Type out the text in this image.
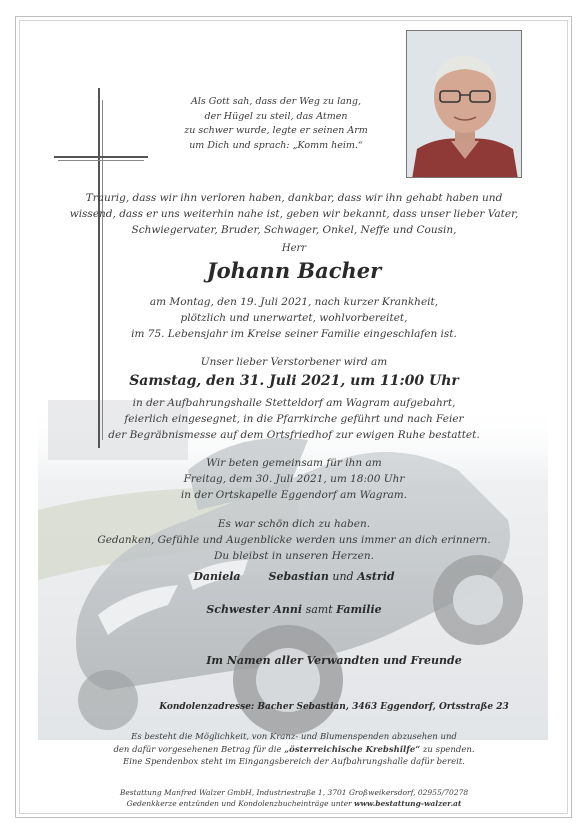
Als Gott sah, dass der Weg zu lang,
der Hügel zu steil, das Atmen
zu schwer wurde, legte er seinen Arm
um Dich und sprach: „Komm heim.“
Traurig, dass wir ihn verloren haben, dankbar, dass wir ihn gehabt haben und
wissend, dass er uns weiterhin nahe ist, geben wir bekannt, dass unser lieber Vater,
Schwiegervater, Bruder, Schwager, Onkel, Neffe und Cousin,
Herr
Johann Bacher
am Montag, den 19. Juli 2021, nach kurzer Krankheit,
plötzlich und unerwartet, wohlvorbereitet,
im 75. Lebensjahr im Kreise seiner Familie eingeschlafen ist.
Unser lieber Verstorbener wird am
Samstag, den 31. Juli 2021, um 11:00 Uhr
in der Aufbahrungshalle Stetteldorf am Wagram aufgebahrt,
feierlich eingesegnet, in die Pfarrkirche geführt und nach Feier
der Begräbnismesse auf dem Ortsfriedhof zur ewigen Ruhe bestattet.
Wir beten gemeinsam für ihn am
Freitag, dem 30. Juli 2021, um 18:00 Uhr
in der Ortskapelle Eggendorf am Wagram.
Es war schön dich zu haben.
Gedanken, Gefühle und Augenblicke werden uns immer an dich erinnern.
Du bleibst in unseren Herzen.
Daniela	Sebastian und Astrid
Schwester Anni samt Familie
Im Namen aller Verwandten und Freunde
Kondolenzadresse: Bacher Sebastian, 3463 Eggendorf, Ortsstraße 23
Es besteht die Möglichkeit, von Kranz- und Blumenspenden abzusehen und
den dafür vorgesehenen Betrag für die „österreichische Krebshilfe“ zu spenden.
Eine Spendenbox steht im Eingangsbereich der Aufbahrungshalle dafür bereit.
Bestattung Manfred Walzer GmbH, Industriestraße 1, 3701 Großweikersdorf, 02955/70278
Gedenkkerze entzünden und Kondolenzbucheinträge unter www.bestattung-walzer.at
